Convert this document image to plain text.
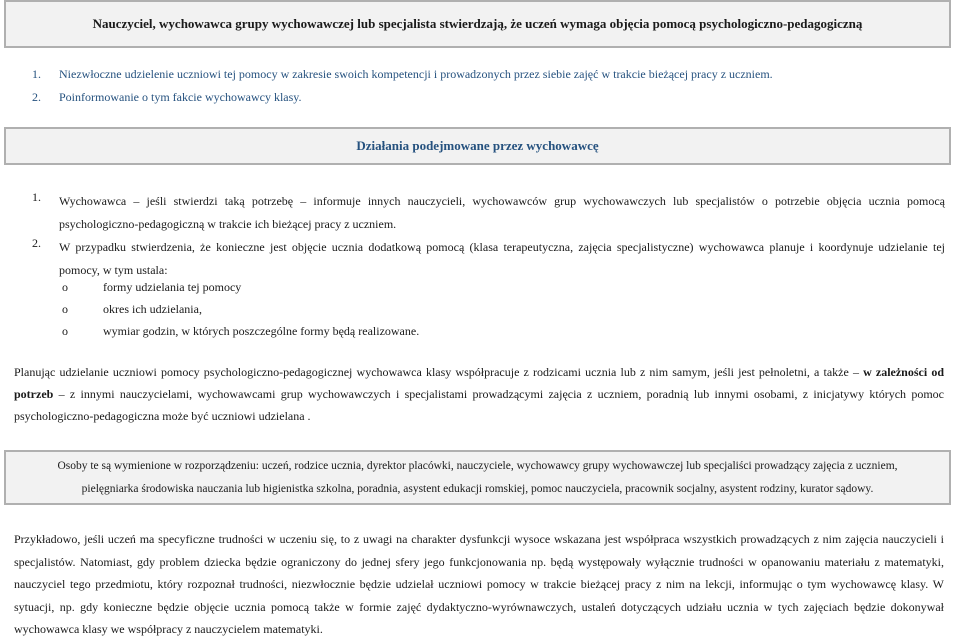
Nauczyciel, wychowawca grupy wychowawczej lub specjalista stwierdzają, że uczeń wymaga objęcia pomocą psychologiczno-pedagogiczną
1. Niezwłoczne udzielenie uczniowi tej pomocy w zakresie swoich kompetencji i prowadzonych przez siebie zajęć w trakcie bieżącej pracy z uczniem.
2. Poinformowanie o tym fakcie wychowawcy klasy.
Działania podejmowane przez wychowawcę
1. Wychowawca – jeśli stwierdzi taką potrzebę – informuje innych nauczycieli, wychowawców grup wychowawczych lub specjalistów o potrzebie objęcia ucznia pomocą psychologiczno-pedagogiczną w trakcie ich bieżącej pracy z uczniem.
2. W przypadku stwierdzenia, że konieczne jest objęcie ucznia dodatkową pomocą (klasa terapeutyczna, zajęcia specjalistyczne) wychowawca planuje i koordynuje udzielanie tej pomocy, w tym ustala:
o	formy udzielania tej pomocy
o	okres ich udzielania,
o	wymiar godzin, w których poszczególne formy będą realizowane.
Planując udzielanie uczniowi pomocy psychologiczno-pedagogicznej wychowawca klasy współpracuje z rodzicami ucznia lub z nim samym, jeśli jest pełnoletni, a także – w zależności od potrzeb – z innymi nauczycielami, wychowawcami grup wychowawczych i specjalistami prowadzącymi zajęcia z uczniem, poradnią lub innymi osobami, z inicjatywy których pomoc psychologiczno-pedagogiczna może być uczniowi udzielana .
Osoby te są wymienione w rozporządzeniu: uczeń, rodzice ucznia, dyrektor placówki, nauczyciele, wychowawcy grupy wychowawczej lub specjaliści prowadzący zajęcia z uczniem, pielęgniarka środowiska nauczania lub higienistka szkolna, poradnia, asystent edukacji romskiej, pomoc nauczyciela, pracownik socjalny, asystent rodziny, kurator sądowy.
Przykładowo, jeśli uczeń ma specyficzne trudności w uczeniu się, to z uwagi na charakter dysfunkcji wysoce wskazana jest współpraca wszystkich prowadzących z nim zajęcia nauczycieli i specjalistów. Natomiast, gdy problem dziecka będzie ograniczony do jednej sfery jego funkcjonowania np. będą występowały wyłącznie trudności w opanowaniu materiału z matematyki, nauczyciel tego przedmiotu, który rozpoznał trudności, niezwłocznie będzie udzielał uczniowi pomocy w trakcie bieżącej pracy z nim na lekcji, informując o tym wychowawcę klasy. W sytuacji, np. gdy konieczne będzie objęcie ucznia pomocą także w formie zajęć dydaktyczno-wyrównawczych, ustaleń dotyczących udziału ucznia w tych zajęciach będzie dokonywał wychowawca klasy we współpracy z nauczycielem matematyki.
